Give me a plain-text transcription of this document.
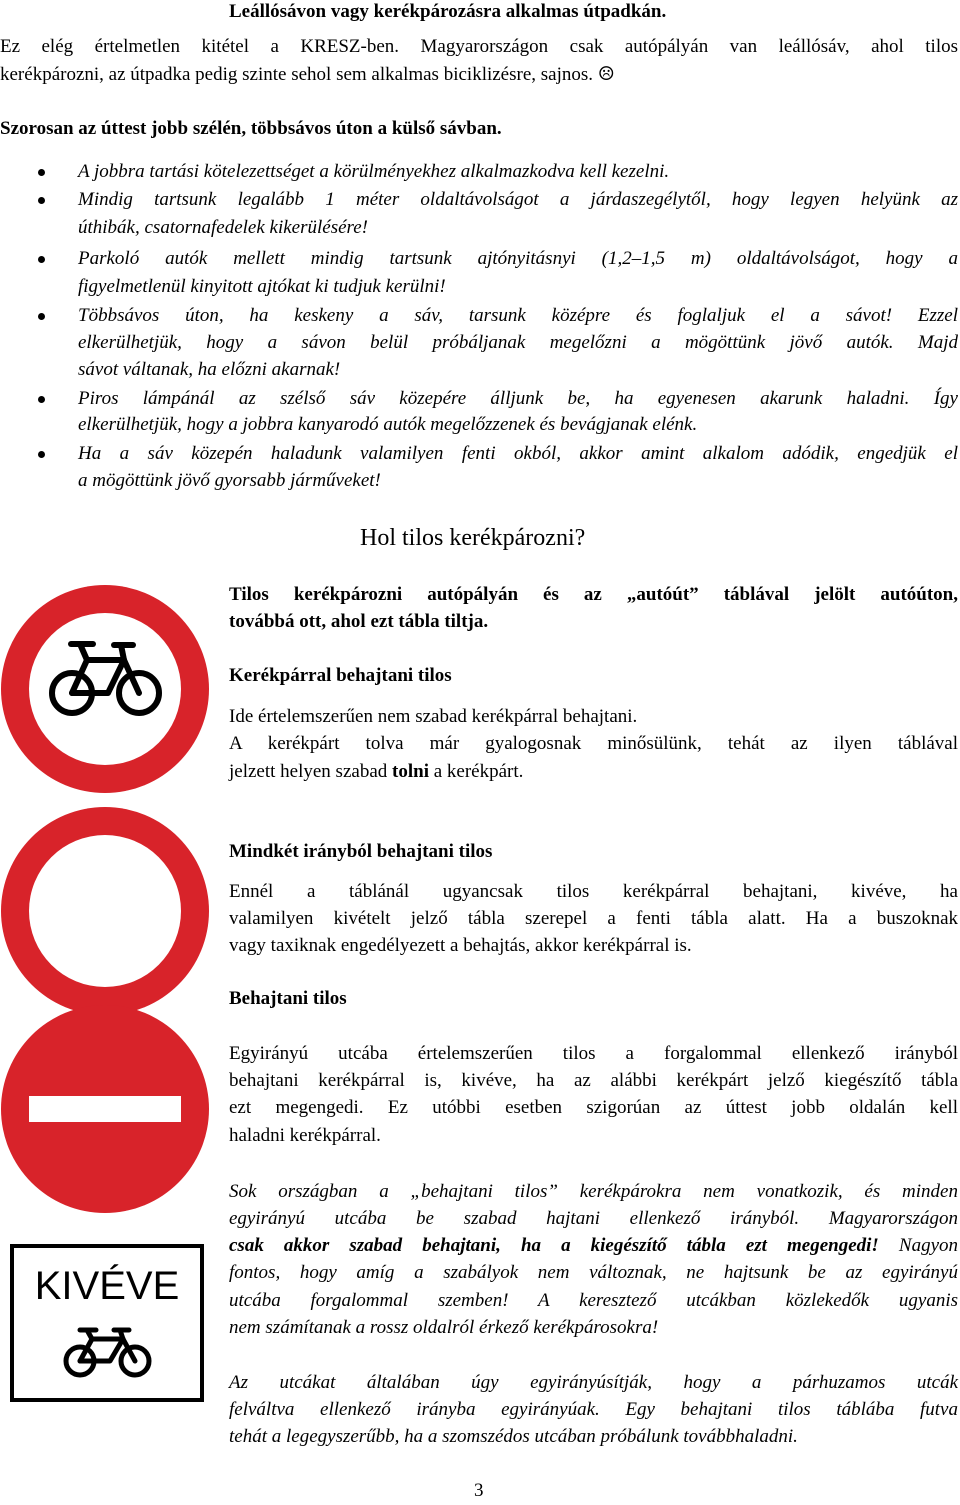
Leállósávon vagy kerékpározásra alkalmas útpadkán.
Ez elég értelmetlen kitétel a KRESZ-ben. Magyarországon csak autópályán van leállósáv, ahol tilos
kerékpározni, az útpadka pedig szinte sehol sem alkalmas biciklizésre, sajnos. ☹
Szorosan az úttest jobb szélén, többsávos úton a külső sávban.
A jobbra tartási kötelezettséget a körülményekhez alkalmazkodva kell kezelni.
Mindig tartsunk legalább 1 méter oldaltávolságot a járdaszegélytől, hogy legyen helyünk az
úthibák, csatornafedelek kikerülésére!
Parkoló autók mellett mindig tartsunk ajtónyitásnyi (1,2–1,5 m) oldaltávolságot, hogy a
figyelmetlenül kinyitott ajtókat ki tudjuk kerülni!
Többsávos úton, ha keskeny a sáv, tarsunk középre és foglaljuk el a sávot! Ezzel
elkerülhetjük, hogy a sávon belül próbáljanak megelőzni a mögöttünk jövő autók. Majd
sávot váltanak, ha előzni akarnak!
Piros lámpánál az szélső sáv közepére álljunk be, ha egyenesen akarunk haladni. Így
elkerülhetjük, hogy a jobbra kanyarodó autók megelőzzenek és bevágjanak elénk.
Ha a sáv közepén haladunk valamilyen fenti okból, akkor amint alkalom adódik, engedjük el
a mögöttünk jövő gyorsabb járműveket!
Hol tilos kerékpározni?
Tilos kerékpározni autópályán és az „autóút” táblával jelölt autóúton,
továbbá ott, ahol ezt tábla tiltja.
Kerékpárral behajtani tilos
Ide értelemszerűen nem szabad kerékpárral behajtani.
A kerékpárt tolva már gyalogosnak minősülünk, tehát az ilyen táblával
jelzett helyen szabad tolni a kerékpárt.
Mindkét irányból behajtani tilos
Ennél a táblánál ugyancsak tilos kerékpárral behajtani, kivéve, ha
valamilyen kivételt jelző tábla szerepel a fenti tábla alatt. Ha a buszoknak
vagy taxiknak engedélyezett a behajtás, akkor kerékpárral is.
Behajtani tilos
Egyirányú utcába értelemszerűen tilos a forgalommal ellenkező irányból
behajtani kerékpárral is, kivéve, ha az alábbi kerékpárt jelző kiegészítő tábla
ezt megengedi. Ez utóbbi esetben szigorúan az úttest jobb oldalán kell
haladni kerékpárral.
Sok országban a „behajtani tilos” kerékpárokra nem vonatkozik, és minden
egyirányú utcába be szabad hajtani ellenkező irányból. Magyarországon
csak akkor szabad behajtani, ha a kiegészítő tábla ezt megengedi! Nagyon
fontos, hogy amíg a szabályok nem változnak, ne hajtsunk be az egyirányú
utcába forgalommal szemben! A keresztező utcákban közlekedők ugyanis
nem számítanak a rossz oldalról érkező kerékpárosokra!
KIVÉVE
Az utcákat általában úgy egyirányúsítják, hogy a párhuzamos utcák
felváltva ellenkező irányba egyirányúak. Egy behajtani tilos táblába futva
tehát a legegyszerűbb, ha a szomszédos utcában próbálunk továbbhaladni.
3
